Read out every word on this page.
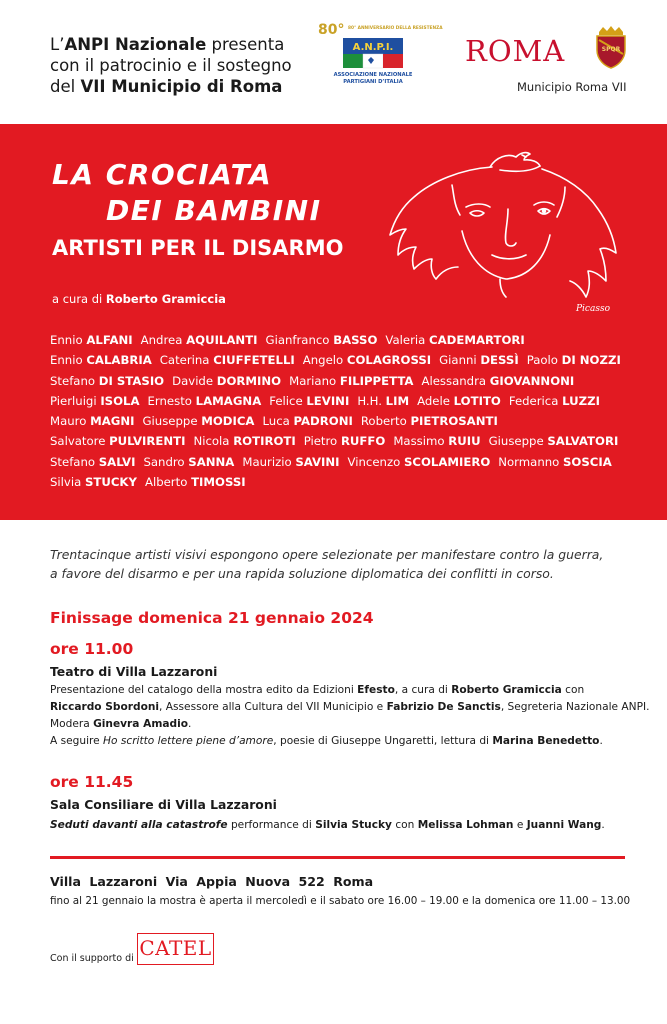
L’ANPI Nazionale presenta
con il patrocinio e il sostegno
del VII Municipio di Roma
80° 80° ANNIVERSARIO DELLA RESISTENZA
A.N.P.I.
ASSOCIAZIONE NAZIONALE
PARTIGIANI D’ITALIA
ROMA	SPQR
Municipio Roma VII
Picasso
LA CROCIATA
DEI BAMBINI
ARTISTI PER IL DISARMO
a cura di Roberto Gramiccia
Ennio ALFANI Andrea AQUILANTI Gianfranco BASSO Valeria CADEMARTORI
Ennio CALABRIA Caterina CIUFFETELLI Angelo COLAGROSSI Gianni DESSÌ Paolo DI NOZZI
Stefano DI STASIO Davide DORMINO Mariano FILIPPETTA Alessandra GIOVANNONI
Pierluigi ISOLA Ernesto LAMAGNA Felice LEVINI H.H. LIM Adele LOTITO Federica LUZZI
Mauro MAGNI Giuseppe MODICA Luca PADRONI Roberto PIETROSANTI
Salvatore PULVIRENTI Nicola ROTIROTI Pietro RUFFO Massimo RUIU Giuseppe SALVATORI
Stefano SALVI Sandro SANNA Maurizio SAVINI Vincenzo SCOLAMIERO Normanno SOSCIA
Silvia STUCKY Alberto TIMOSSI
Trentacinque artisti visivi espongono opere selezionate per manifestare contro la guerra,
a favore del disarmo e per una rapida soluzione diplomatica dei conflitti in corso.
Finissage domenica 21 gennaio 2024
ore 11.00
Teatro di Villa Lazzaroni
Presentazione del catalogo della mostra edito da Edizioni Efesto, a cura di Roberto Gramiccia con
Riccardo Sbordoni, Assessore alla Cultura del VII Municipio e Fabrizio De Sanctis, Segreteria Nazionale ANPI.
Modera Ginevra Amadio.
A seguire Ho scritto lettere piene d’amore, poesie di Giuseppe Ungaretti, lettura di Marina Benedetto.
ore 11.45
Sala Consiliare di Villa Lazzaroni
Seduti davanti alla catastrofe performance di Silvia Stucky con Melissa Lohman e Juanni Wang.
Villa Lazzaroni Via Appia Nuova 522 Roma
fino al 21 gennaio la mostra è aperta il mercoledì e il sabato ore 16.00 – 19.00 e la domenica ore 11.00 – 13.00
Con il supporto di CATEL
